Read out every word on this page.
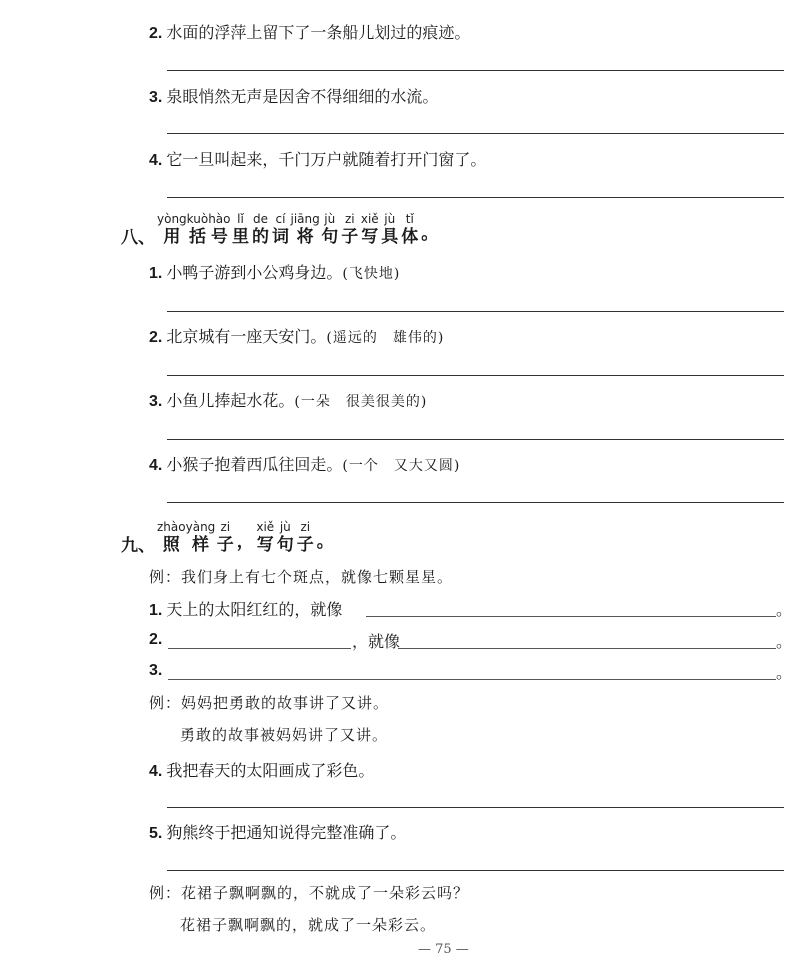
2. 水面的浮萍上留下了一条船儿划过的痕迹。
3. 泉眼悄然无声是因舍不得细细的水流。
4. 它一旦叫起来，千门万户就随着打开门窗了。
八、
yòng
用
kuò
括
hào
号
lǐ
里
de
的
cí
词
jiāng
将
jù
句
zi
子
xiě
写
jù
具
tǐ
体 。
1. 小鸭子游到小公鸡身边。(飞快地)
2. 北京城有一座天安门。(遥远的　雄伟的)
3. 小鱼儿捧起水花。(一朵　很美很美的)
4. 小猴子抱着西瓜往回走。(一个　又大又圆)
九、
zhào
照
yàng
样
zi
子 ，
xiě
写
jù
句
zi
子 。
例：我们身上有七个斑点，就像七颗星星。
1. 天上的太阳红红的，就像	。
2.	，就像	。
3.	。
例：妈妈把勇敢的故事讲了又讲。
勇敢的故事被妈妈讲了又讲。
4. 我把春天的太阳画成了彩色。
5. 狗熊终于把通知说得完整准确了。
例：花裙子飘啊飘的，不就成了一朵彩云吗？
花裙子飘啊飘的，就成了一朵彩云。
— 75 —
